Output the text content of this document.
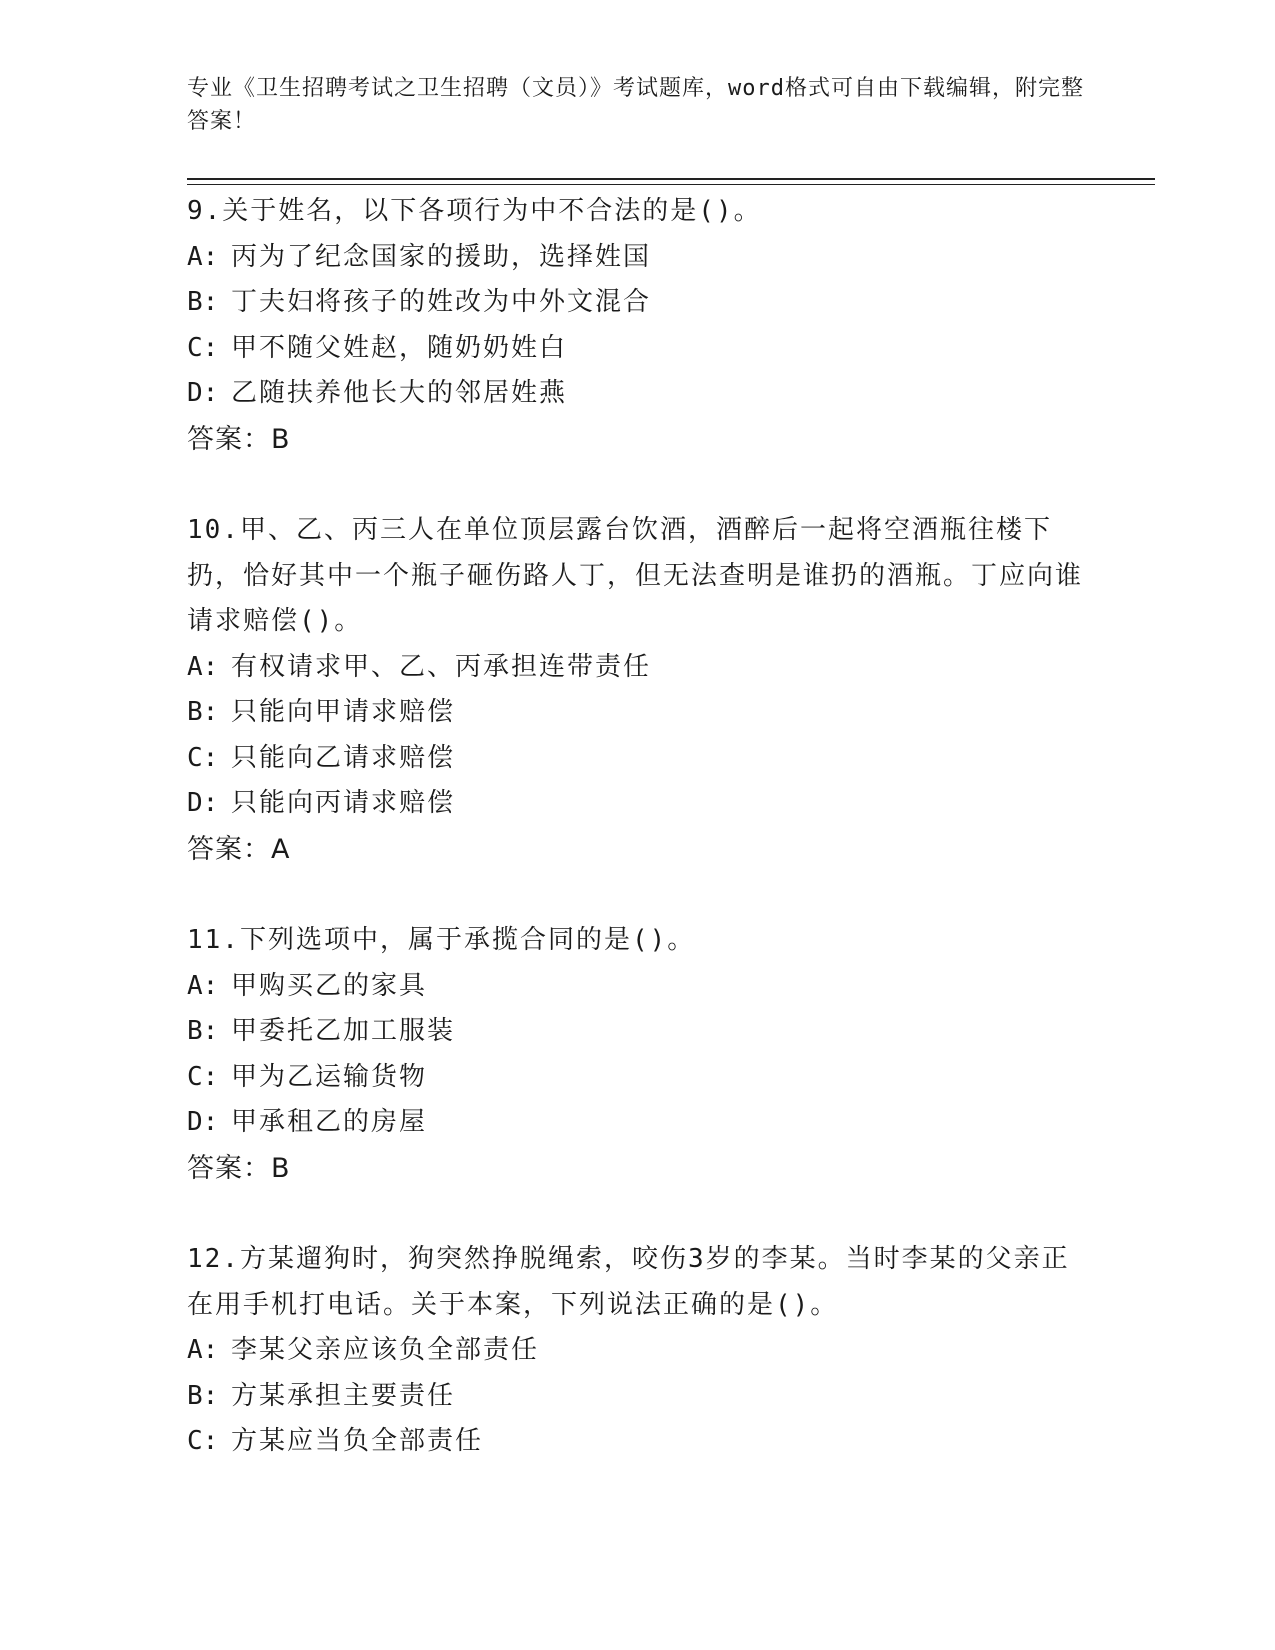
专业《卫生招聘考试之卫生招聘（文员）》考试题库，word格式可自由下载编辑，附完整答案！
9.关于姓名，以下各项行为中不合法的是()。
A: 丙为了纪念国家的援助，选择姓国
B: 丁夫妇将孩子的姓改为中外文混合
C: 甲不随父姓赵，随奶奶姓白
D: 乙随扶养他长大的邻居姓燕
答案：B
10.甲、乙、丙三人在单位顶层露台饮酒，酒醉后一起将空酒瓶往楼下扔，恰好其中一个瓶子砸伤路人丁，但无法查明是谁扔的酒瓶。丁应向谁请求赔偿()。
A: 有权请求甲、乙、丙承担连带责任
B: 只能向甲请求赔偿
C: 只能向乙请求赔偿
D: 只能向丙请求赔偿
答案：A
11.下列选项中，属于承揽合同的是()。
A: 甲购买乙的家具
B: 甲委托乙加工服装
C: 甲为乙运输货物
D: 甲承租乙的房屋
答案：B
12.方某遛狗时，狗突然挣脱绳索，咬伤3岁的李某。当时李某的父亲正在用手机打电话。关于本案，下列说法正确的是()。
A: 李某父亲应该负全部责任
B: 方某承担主要责任
C: 方某应当负全部责任
